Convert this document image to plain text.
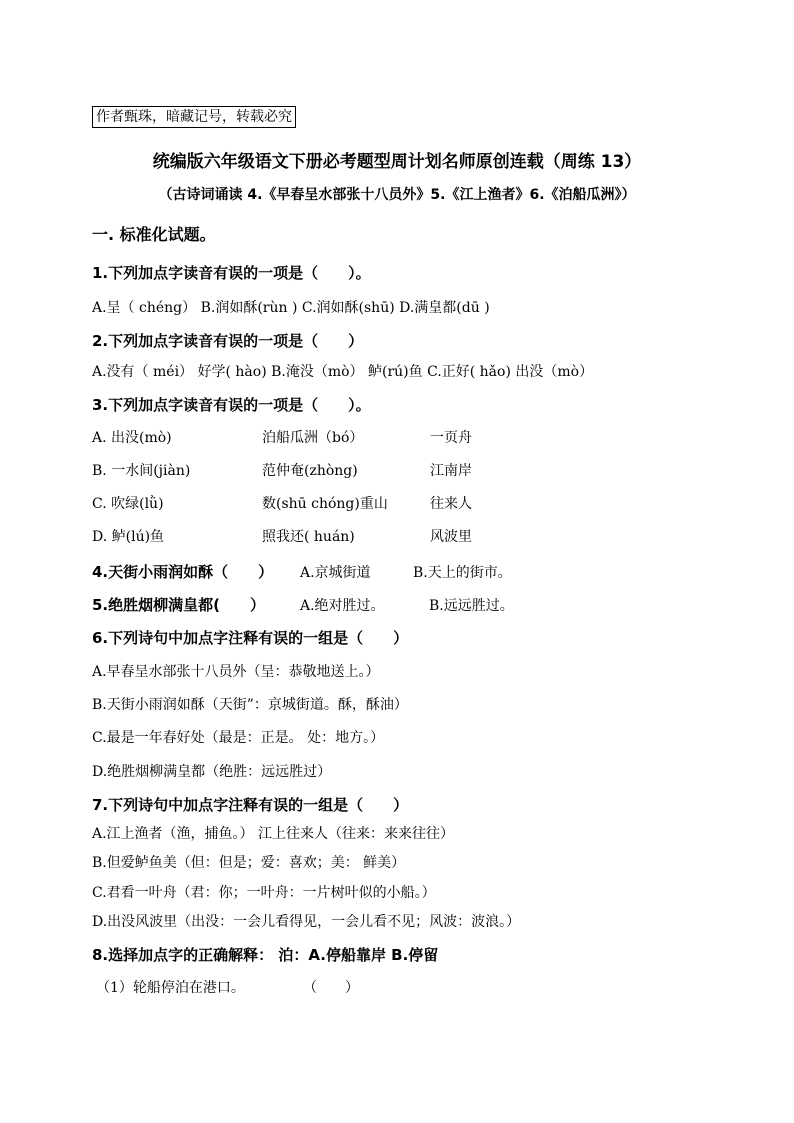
作者甄珠，暗藏记号，转载必究
统编版六年级语文下册必考题型周计划名师原创连载（周练 13）
（古诗词诵读 4.《早春呈水部张十八员外》5.《江上渔者》6.《泊船瓜洲》）
一. 标准化试题。
1.下列加点字读音有误的一项是（　　）。
A.呈（ chéng） B.润如酥(rùn ) C.润如酥(shū) D.满皇都(dū )
2.下列加点字读音有误的一项是（　　）
A.没有（ méi） 好学( hào) B.淹没（mò） 鲈(rú)鱼 C.正好( hǎo) 出没（mò）
3.下列加点字读音有误的一项是（　　）。
A. 出没(mò)	泊船瓜洲（bó）	一页舟
B. 一水间(jiàn)	范仲奄(zhòng)	江南岸
C. 吹绿(lǜ)	数(shū chóng)重山	往来人
D. 鲈(lú)鱼	照我还( huán)	风波里
4.天街小雨润如酥（　　） A.京城街道	B.天上的街市。
5.绝胜烟柳满皇都(　　）	A.绝对胜过。	B.远远胜过。
6.下列诗句中加点字注释有误的一组是（　　）
A.早春呈水部张十八员外（呈：恭敬地送上。）
B.天街小雨润如酥（天街”：京城街道。酥，酥油）
C.最是一年春好处（最是：正是。 处：地方。）
D.绝胜烟柳满皇都（绝胜：远远胜过）
7.下列诗句中加点字注释有误的一组是（　　）
A.江上渔者（渔，捕鱼。） 江上往来人（往来：来来往往）
B.但爱鲈鱼美（但：但是；爱：喜欢；美： 鲜美）
C.君看一叶舟（君：你；一叶舟：一片树叶似的小船。）
D.出没风波里（出没：一会儿看得见，一会儿看不见；风波：波浪。）
8.选择加点字的正确解释： 泊：A.停船靠岸 B.停留
（1）轮船停泊在港口。	（　　）
